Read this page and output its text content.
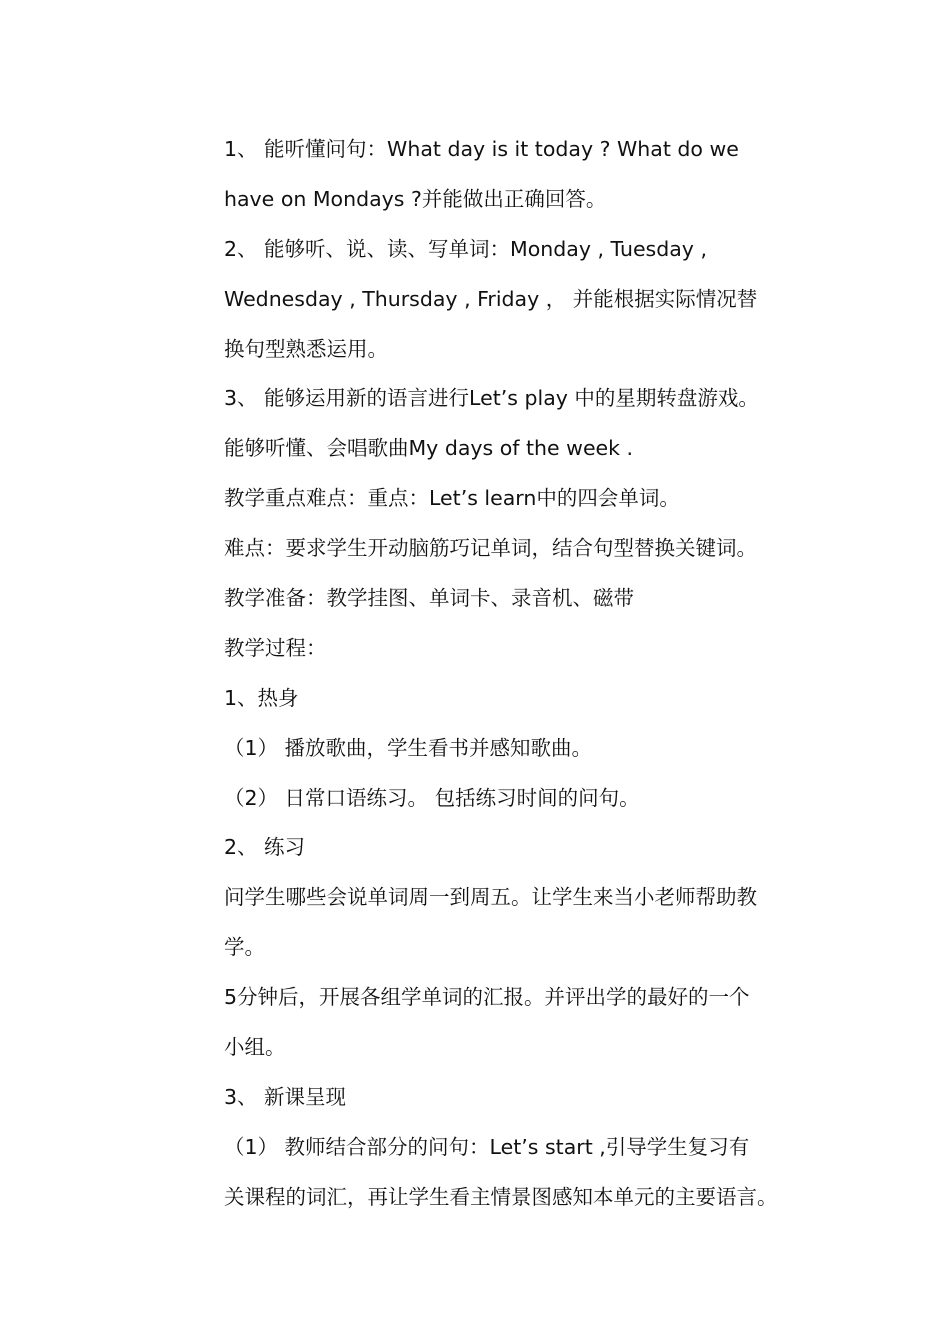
1、 能听懂问句：What day is it today ? What do we
have on Mondays ?并能做出正确回答。
2、 能够听、说、读、写单词：Monday , Tuesday ,
Wednesday , Thursday , Friday ， 并能根据实际情况替
换句型熟悉运用。
3、 能够运用新的语言进行Let’s play 中的星期转盘游戏。
能够听懂、会唱歌曲My days of the week .
教学重点难点：重点：Let’s learn中的四会单词。
难点：要求学生开动脑筋巧记单词，结合句型替换关键词。
教学准备：教学挂图、单词卡、录音机、磁带
教学过程：
1、热身
（1） 播放歌曲，学生看书并感知歌曲。
（2） 日常口语练习。 包括练习时间的问句。
2、 练习
问学生哪些会说单词周一到周五。让学生来当小老师帮助教
学。
5分钟后，开展各组学单词的汇报。并评出学的最好的一个
小组。
3、 新课呈现
（1） 教师结合部分的问句：Let’s start ,引导学生复习有
关课程的词汇，再让学生看主情景图感知本单元的主要语言。
